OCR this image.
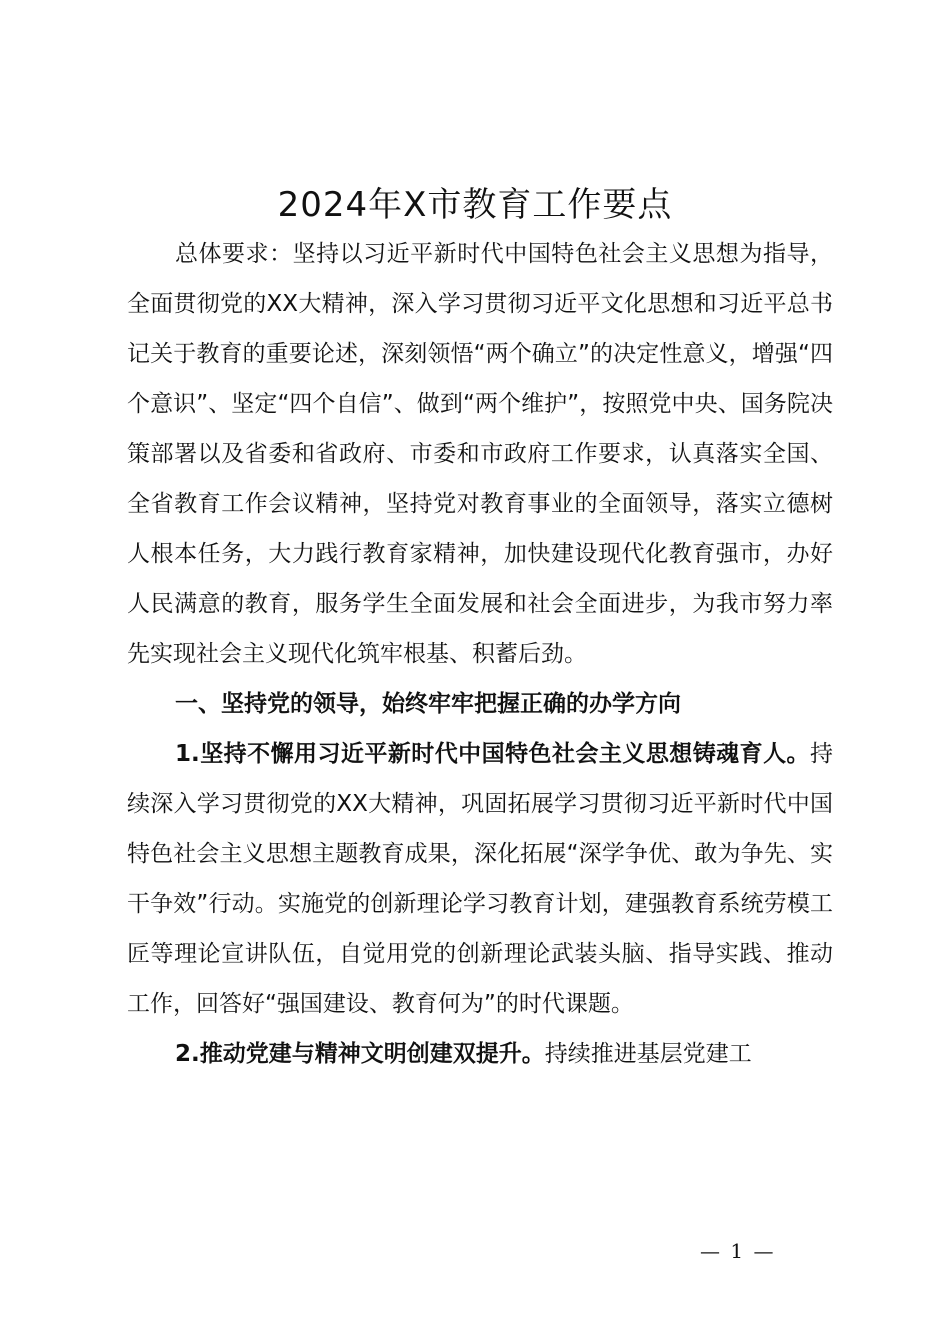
2024年X市教育工作要点

总体要求：坚持以习近平新时代中国特色社会主义思想为指导，全面贯彻党的XX大精神，深入学习贯彻习近平文化思想和习近平总书记关于教育的重要论述，深刻领悟“两个确立”的决定性意义，增强“四个意识”、坚定“四个自信”、做到“两个维护”，按照党中央、国务院决策部署以及省委和省政府、市委和市政府工作要求，认真落实全国、全省教育工作会议精神，坚持党对教育事业的全面领导，落实立德树人根本任务，大力践行教育家精神，加快建设现代化教育强市，办好人民满意的教育，服务学生全面发展和社会全面进步，为我市努力率先实现社会主义现代化筑牢根基、积蓄后劲。

一、坚持党的领导，始终牢牢把握正确的办学方向

1.坚持不懈用习近平新时代中国特色社会主义思想铸魂育人。持续深入学习贯彻党的XX大精神，巩固拓展学习贯彻习近平新时代中国特色社会主义思想主题教育成果，深化拓展“深学争优、敢为争先、实干争效”行动。实施党的创新理论学习教育计划，建强教育系统劳模工匠等理论宣讲队伍，自觉用党的创新理论武装头脑、指导实践、推动工作，回答好“强国建设、教育何为”的时代课题。

2.推动党建与精神文明创建双提升。持续推进基层党建工

— 1 —
